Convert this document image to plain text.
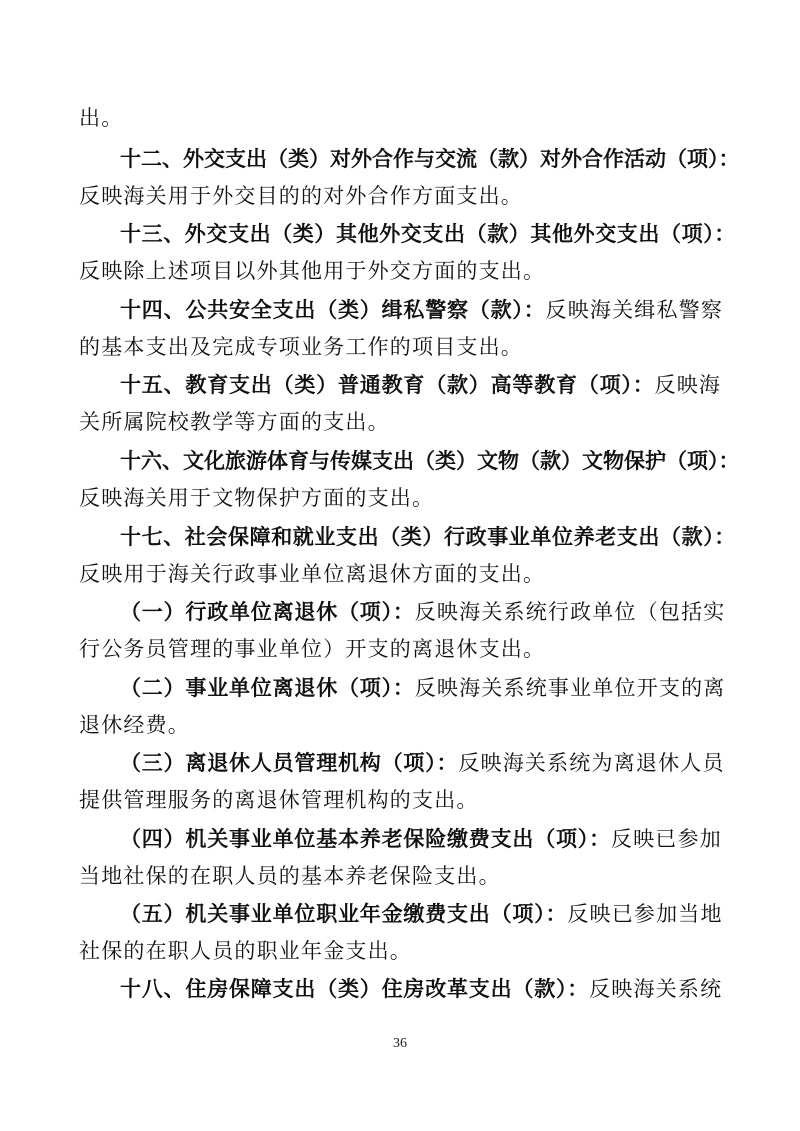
出。
十二、外交支出（类）对外合作与交流（款）对外合作活动（项）：
反映海关用于外交目的的对外合作方面支出。
十三、外交支出（类）其他外交支出（款）其他外交支出（项）：
反映除上述项目以外其他用于外交方面的支出。
十四、公共安全支出（类）缉私警察（款）：反映海关缉私警察
的基本支出及完成专项业务工作的项目支出。
十五、教育支出（类）普通教育（款）高等教育（项）：反映海
关所属院校教学等方面的支出。
十六、文化旅游体育与传媒支出（类）文物（款）文物保护（项）：
反映海关用于文物保护方面的支出。
十七、社会保障和就业支出（类）行政事业单位养老支出（款）：
反映用于海关行政事业单位离退休方面的支出。
（一）行政单位离退休（项）：反映海关系统行政单位（包括实
行公务员管理的事业单位）开支的离退休支出。
（二）事业单位离退休（项）：反映海关系统事业单位开支的离
退休经费。
（三）离退休人员管理机构（项）：反映海关系统为离退休人员
提供管理服务的离退休管理机构的支出。
（四）机关事业单位基本养老保险缴费支出（项）：反映已参加
当地社保的在职人员的基本养老保险支出。
（五）机关事业单位职业年金缴费支出（项）：反映已参加当地
社保的在职人员的职业年金支出。
十八、住房保障支出（类）住房改革支出（款）：反映海关系统
36
